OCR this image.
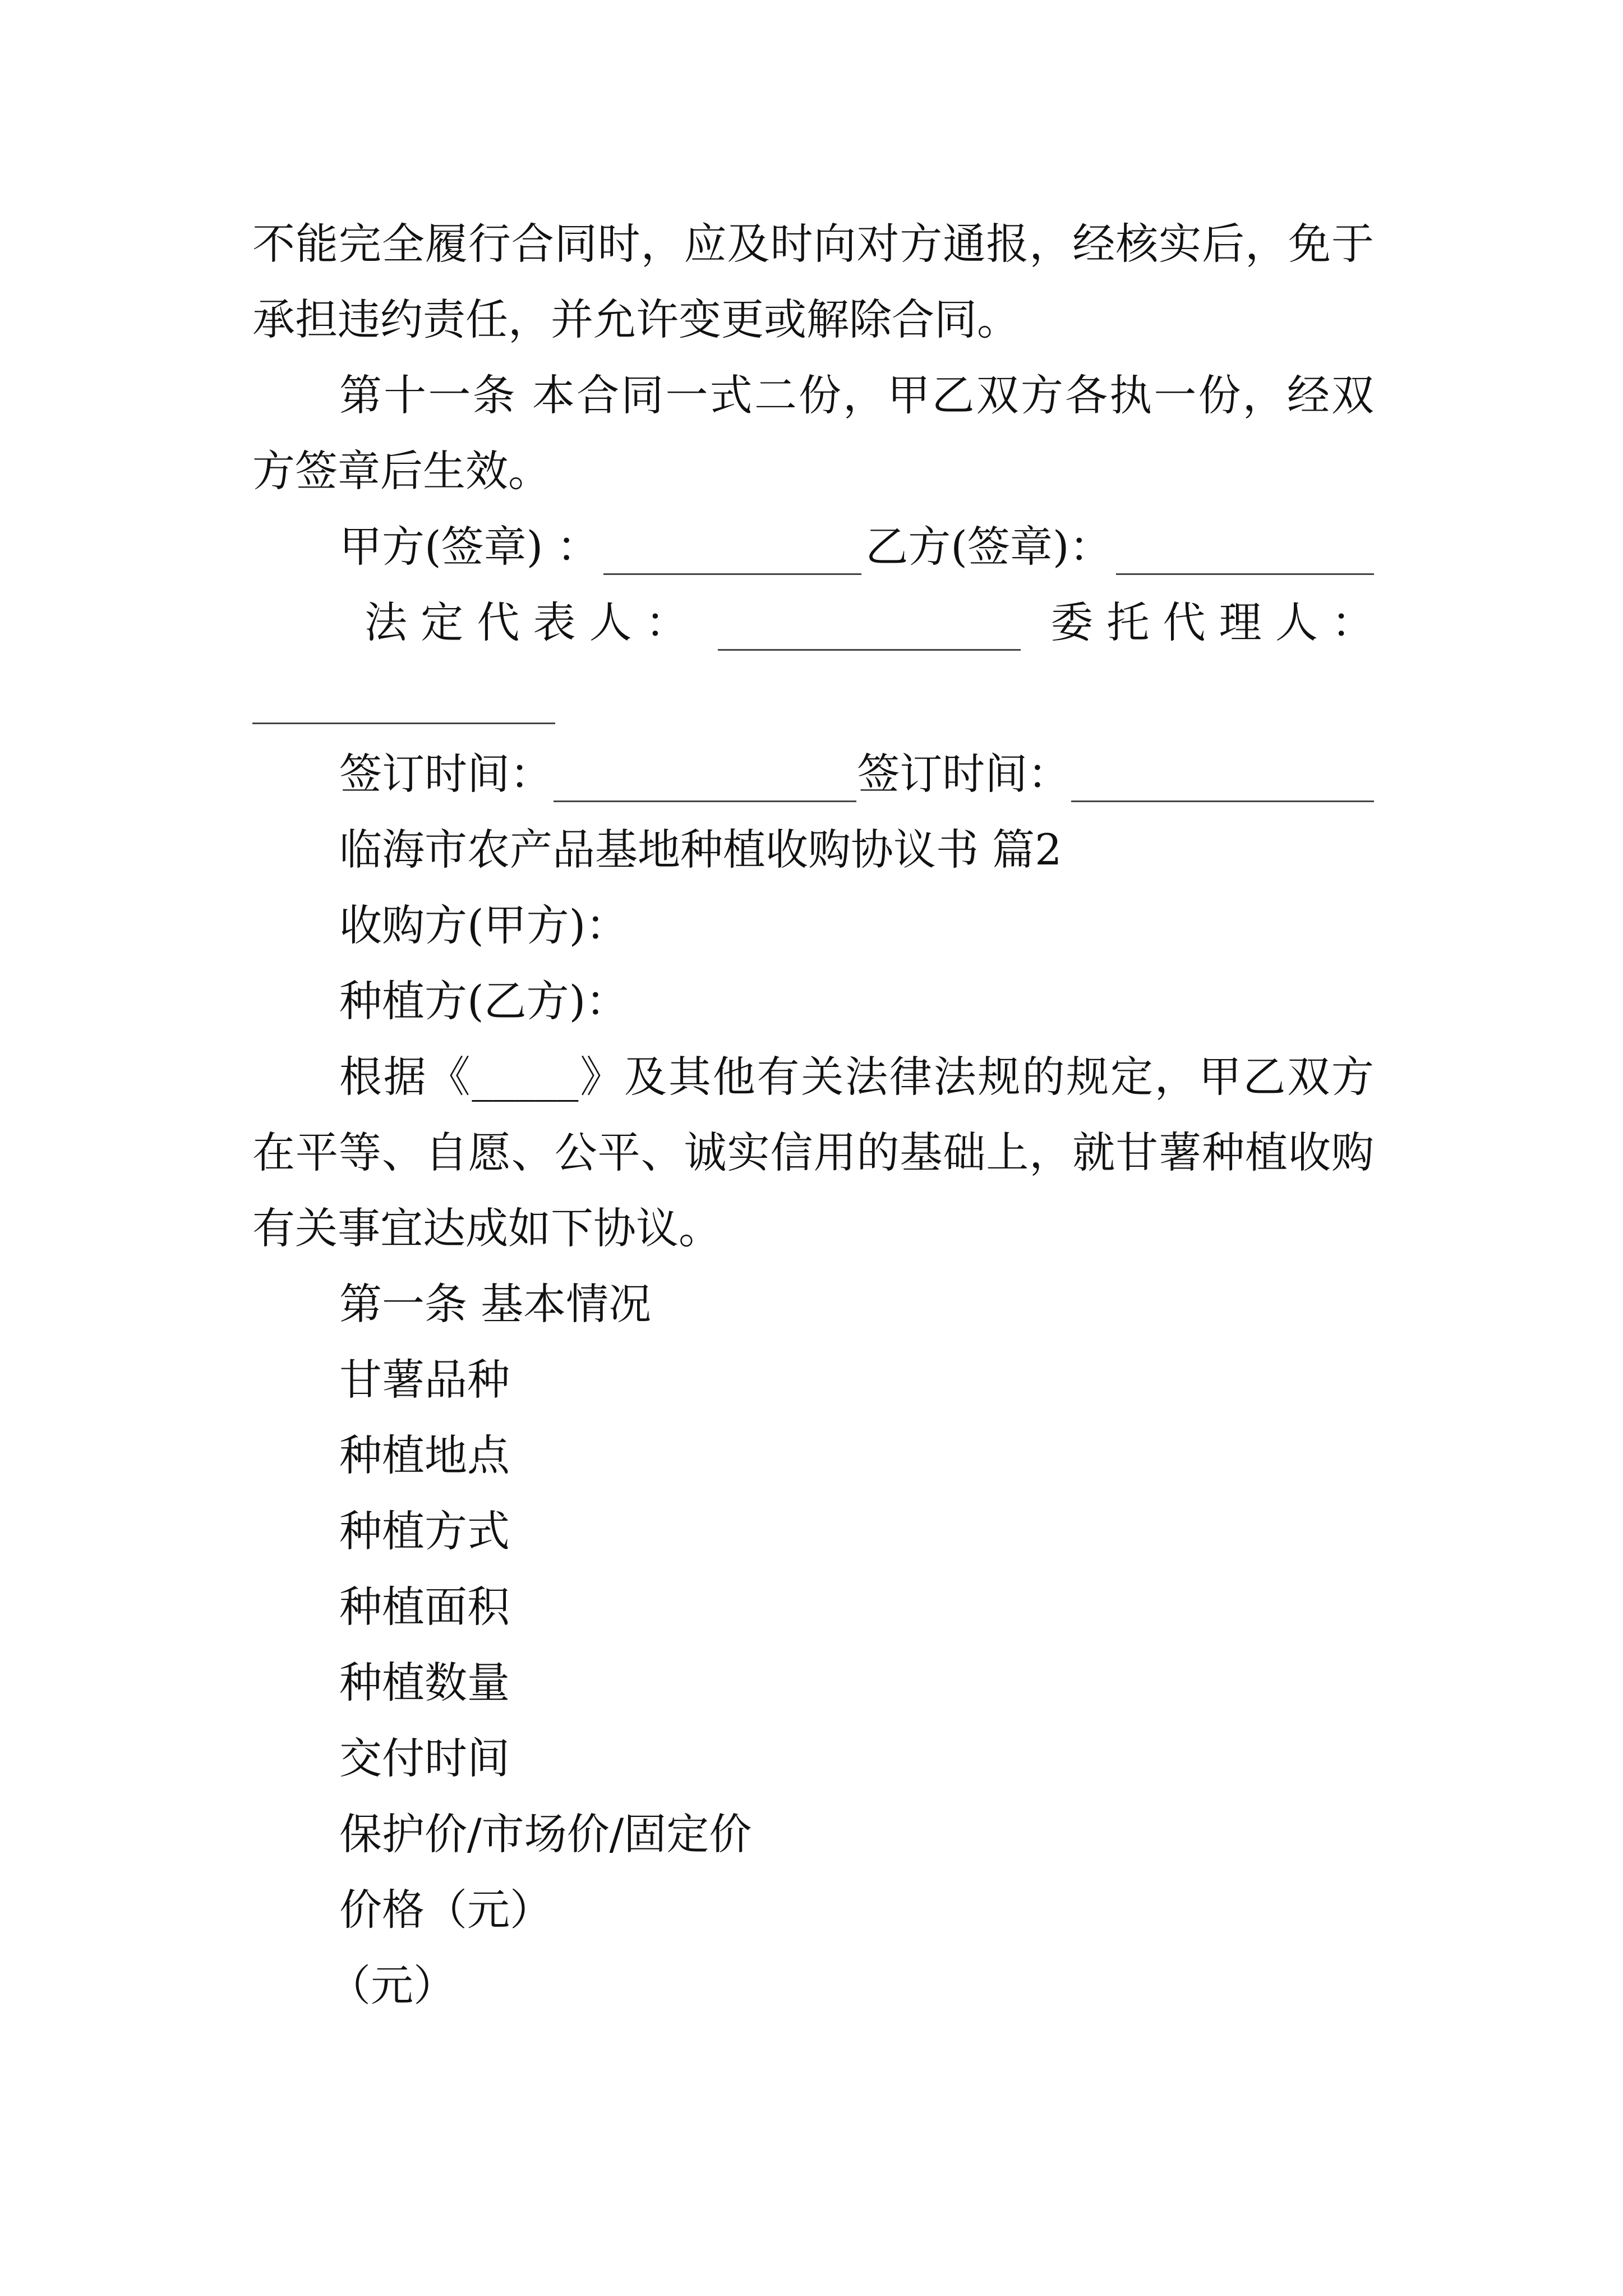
不能完全履行合同时，应及时向对方通报，经核实后，免于
承担违约责任，并允许变更或解除合同。
第十一条 本合同一式二份，甲乙双方各执一份，经双
方签章后生效。
甲方(签章) ：	乙方(签章)：
法 定 代 表 人 ：	委 托 代 理 人 ：
签订时间：	签订时间：
临海市农产品基地种植收购协议书 篇2
收购方(甲方)：
种植方(乙方)：
根据《_____》及其他有关法律法规的规定，甲乙双方
在平等、自愿、公平、诚实信用的基础上，就甘薯种植收购
有关事宜达成如下协议。
第一条 基本情况
甘薯品种
种植地点
种植方式
种植面积
种植数量
交付时间
保护价/市场价/固定价
价格（元）
（元）
